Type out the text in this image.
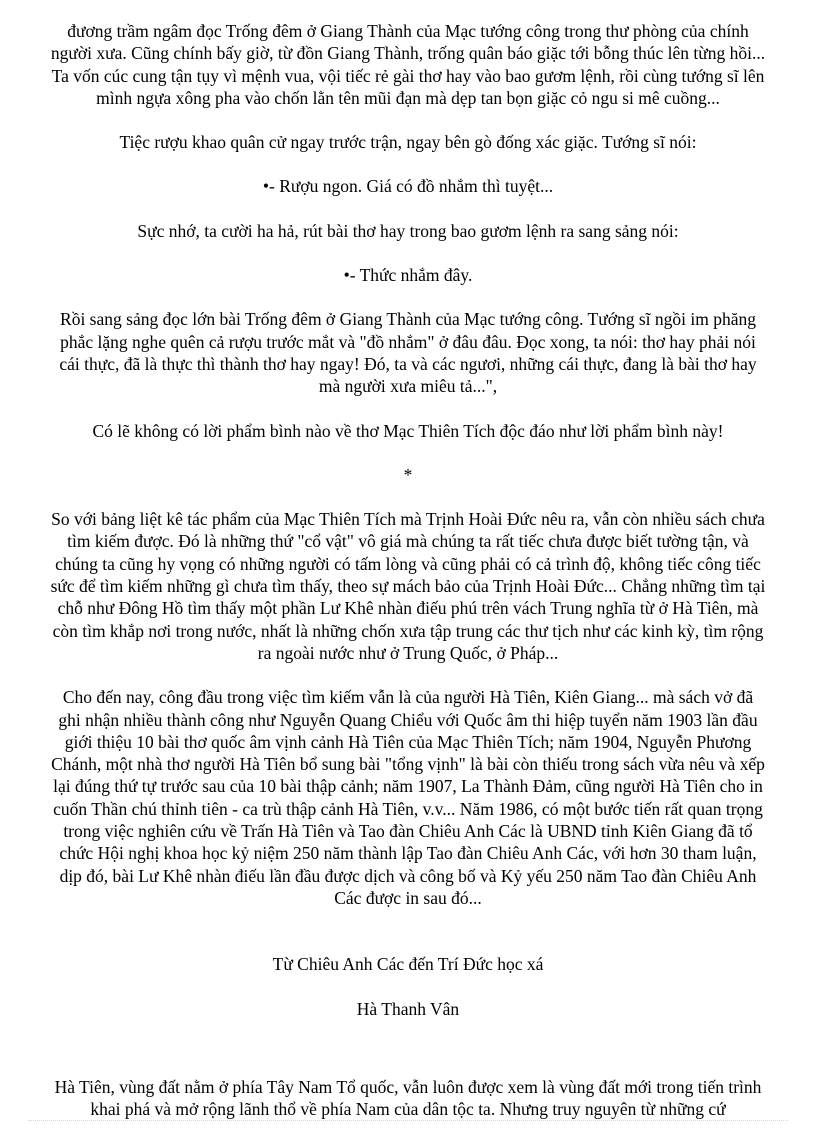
đương trầm ngâm đọc Trống đêm ở Giang Thành của Mạc tướng công trong thư phòng của chính người xưa. Cũng chính bấy giờ, từ đồn Giang Thành, trống quân báo giặc tới bỗng thúc lên từng hồi... Ta vốn cúc cung tận tụy vì mệnh vua, vội tiếc rẻ gài thơ hay vào bao gươm lệnh, rồi cùng tướng sĩ lên mình ngựa xông pha vào chốn lằn tên mũi đạn mà dẹp tan bọn giặc cỏ ngu si mê cuồng...

Tiệc rượu khao quân cử ngay trước trận, ngay bên gò đống xác giặc. Tướng sĩ nói:

•- Rượu ngon. Giá có đồ nhắm thì tuyệt...

Sực nhớ, ta cười ha hả, rút bài thơ hay trong bao gươm lệnh ra sang sảng nói:

•- Thức nhắm đây.

Rồi sang sảng đọc lớn bài Trống đêm ở Giang Thành của Mạc tướng công. Tướng sĩ ngồi im phăng phắc lặng nghe quên cả rượu trước mắt và "đồ nhắm" ở đâu đâu. Đọc xong, ta nói: thơ hay phải nói cái thực, đã là thực thì thành thơ hay ngay! Đó, ta và các ngươi, những cái thực, đang là bài thơ hay mà người xưa miêu tả...",

Có lẽ không có lời phẩm bình nào về thơ Mạc Thiên Tích độc đáo như lời phẩm bình này!

*

So với bảng liệt kê tác phẩm của Mạc Thiên Tích mà Trịnh Hoài Đức nêu ra, vẫn còn nhiều sách chưa tìm kiếm được. Đó là những thứ "cổ vật" vô giá mà chúng ta rất tiếc chưa được biết tường tận, và chúng ta cũng hy vọng có những người có tấm lòng và cũng phải có cả trình độ, không tiếc công tiếc sức để tìm kiếm những gì chưa tìm thấy, theo sự mách bảo của Trịnh Hoài Đức... Chẳng những tìm tại chỗ như Đông Hồ tìm thấy một phần Lư Khê nhàn điếu phú trên vách Trung nghĩa từ ở Hà Tiên, mà còn tìm khắp nơi trong nước, nhất là những chốn xưa tập trung các thư tịch như các kinh kỳ, tìm rộng ra ngoài nước như ở Trung Quốc, ở Pháp...

Cho đến nay, công đầu trong việc tìm kiếm vẫn là của người Hà Tiên, Kiên Giang... mà sách vở đã ghi nhận nhiều thành công như Nguyễn Quang Chiểu với Quốc âm thi hiệp tuyển năm 1903 lần đầu giới thiệu 10 bài thơ quốc âm vịnh cảnh Hà Tiên của Mạc Thiên Tích; năm 1904, Nguyễn Phương Chánh, một nhà thơ người Hà Tiên bổ sung bài "tổng vịnh" là bài còn thiếu trong sách vừa nêu và xếp lại đúng thứ tự trước sau của 10 bài thập cảnh; năm 1907, La Thành Đảm, cũng người Hà Tiên cho in cuốn Thần chú thỉnh tiên - ca trù thập cảnh Hà Tiên, v.v... Năm 1986, có một bước tiến rất quan trọng trong việc nghiên cứu về Trấn Hà Tiên và Tao đàn Chiêu Anh Các là UBND tỉnh Kiên Giang đã tổ chức Hội nghị khoa học kỷ niệm 250 năm thành lập Tao đàn Chiêu Anh Các, với hơn 30 tham luận, dịp đó, bài Lư Khê nhàn điếu lần đầu được dịch và công bố và Kỷ yếu 250 năm Tao đàn Chiêu Anh Các được in sau đó...

Từ Chiêu Anh Các đến Trí Đức học xá

Hà Thanh Vân

Hà Tiên, vùng đất nằm ở phía Tây Nam Tổ quốc, vẫn luôn được xem là vùng đất mới trong tiến trình khai phá và mở rộng lãnh thổ về phía Nam của dân tộc ta. Nhưng truy nguyên từ những cứ
